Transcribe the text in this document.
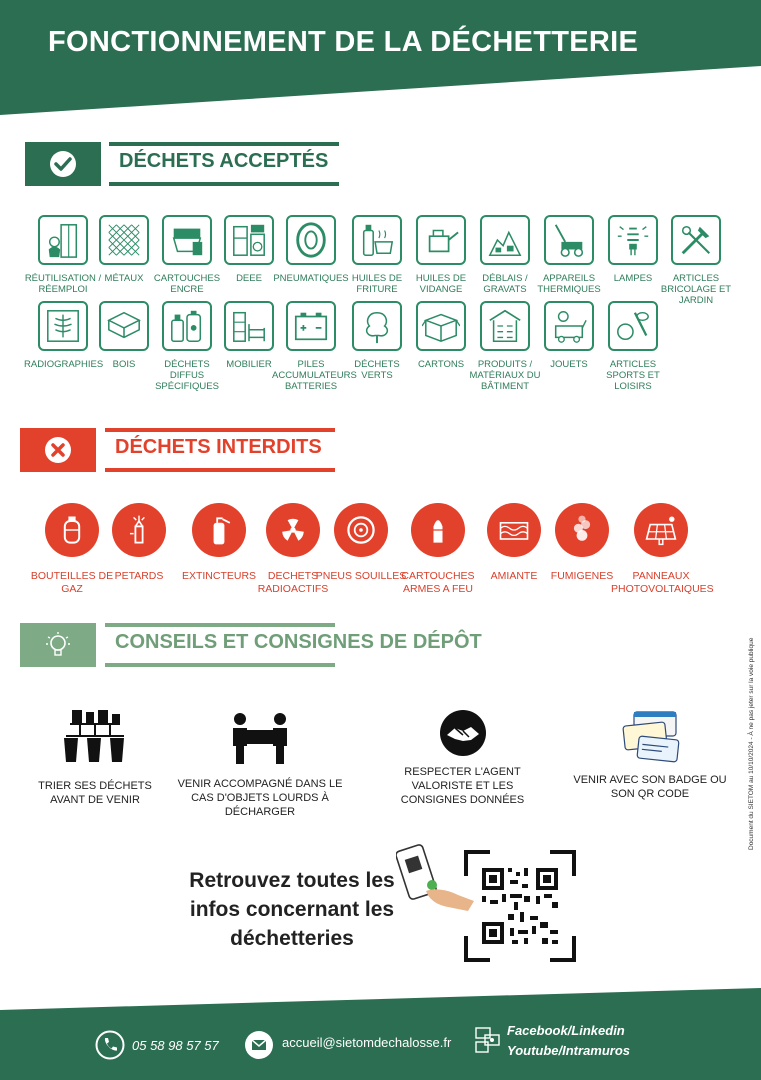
FONCTIONNEMENT DE LA DÉCHETTERIE
DÉCHETS ACCEPTÉS
RÉUTILISATION / RÉEMPLOI
MÉTAUX	CARTOUCHES ENCRE
DEEE	PNEUMATIQUES HUILES DE FRITURE
HUILES DE VIDANGE
DÉBLAIS / GRAVATS
APPAREILS THERMIQUES
LAMPES	ARTICLES BRICOLAGE ET JARDIN
RADIOGRAPHIES BOIS	DÉCHETS DIFFUS SPÉCIFIQUES
MOBILIER	PILES ACCUMULATEURS BATTERIES
DÉCHETS VERTS
CARTONS	PRODUITS / MATÉRIAUX DU BÂTIMENT
JOUETS	ARTICLES SPORTS ET LOISIRS
DÉCHETS INTERDITS
BOUTEILLES DE GAZ
PETARDS	EXTINCTEURS	DECHETS RADIOACTIFS
PNEUS SOUILLES
CARTOUCHES ARMES A FEU
AMIANTE	FUMIGENES	PANNEAUX PHOTOVOLTAIQUES
CONSEILS ET CONSIGNES DE DÉPÔT
TRIER SES DÉCHETS AVANT DE VENIR
VENIR ACCOMPAGNÉ DANS LE CAS D'OBJETS LOURDS À DÉCHARGER
RESPECTER L'AGENT VALORISTE ET LES CONSIGNES DONNÉES
VENIR AVEC SON BADGE OU SON QR CODE
Retrouvez toutes les infos concernant les déchetteries
Document du SIETOM au 10/10/2024 - À ne pas jeter sur la voie publique
05 58 98 57 57	accueil@sietomdechalosse.fr
Facebook/Linkedin
Youtube/Intramuros
